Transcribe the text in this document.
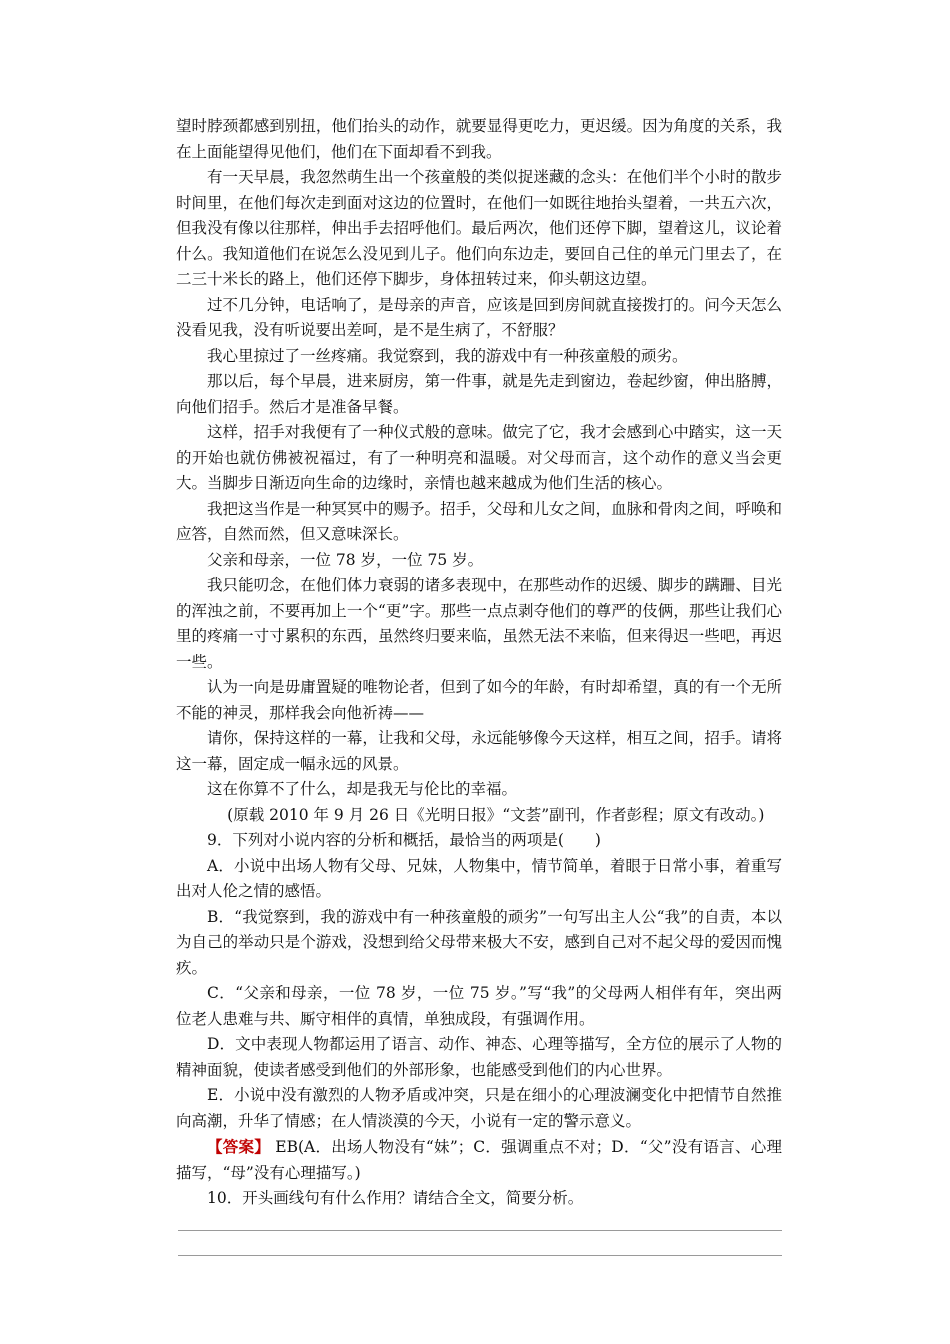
望时脖颈都感到别扭，他们抬头的动作，就要显得更吃力，更迟缓。因为角度的关系，我在上面能望得见他们，他们在下面却看不到我。

有一天早晨，我忽然萌生出一个孩童般的类似捉迷藏的念头：在他们半个小时的散步时间里，在他们每次走到面对这边的位置时，在他们一如既往地抬头望着，一共五六次，但我没有像以往那样，伸出手去招呼他们。最后两次，他们还停下脚，望着这儿，议论着什么。我知道他们在说怎么没见到儿子。他们向东边走，要回自己住的单元门里去了，在二三十米长的路上，他们还停下脚步，身体扭转过来，仰头朝这边望。

过不几分钟，电话响了，是母亲的声音，应该是回到房间就直接拨打的。问今天怎么没看见我，没有听说要出差呵，是不是生病了，不舒服？

我心里掠过了一丝疼痛。我觉察到，我的游戏中有一种孩童般的顽劣。

那以后，每个早晨，进来厨房，第一件事，就是先走到窗边，卷起纱窗，伸出胳膊，向他们招手。然后才是准备早餐。

这样，招手对我便有了一种仪式般的意味。做完了它，我才会感到心中踏实，这一天的开始也就仿佛被祝福过，有了一种明亮和温暖。对父母而言，这个动作的意义当会更大。当脚步日渐迈向生命的边缘时，亲情也越来越成为他们生活的核心。

我把这当作是一种冥冥中的赐予。招手，父母和儿女之间，血脉和骨肉之间，呼唤和应答，自然而然，但又意味深长。

父亲和母亲，一位 78 岁，一位 75 岁。

我只能叨念，在他们体力衰弱的诸多表现中，在那些动作的迟缓、脚步的蹒跚、目光的浑浊之前，不要再加上一个“更”字。那些一点点剥夺他们的尊严的伎俩，那些让我们心里的疼痛一寸寸累积的东西，虽然终归要来临，虽然无法不来临，但来得迟一些吧，再迟一些。

认为一向是毋庸置疑的唯物论者，但到了如今的年龄，有时却希望，真的有一个无所不能的神灵，那样我会向他祈祷——

请你，保持这样的一幕，让我和父母，永远能够像今天这样，相互之间，招手。请将这一幕，固定成一幅永远的风景。

这在你算不了什么，却是我无与伦比的幸福。

(原载 2010 年 9 月 26 日《光明日报》“文荟”副刊，作者彭程；原文有改动。)

9．下列对小说内容的分析和概括，最恰当的两项是(　　)

A．小说中出场人物有父母、兄妹，人物集中，情节简单，着眼于日常小事，着重写出对人伦之情的感悟。

B．“我觉察到，我的游戏中有一种孩童般的顽劣”一句写出主人公“我”的自责，本以为自己的举动只是个游戏，没想到给父母带来极大不安，感到自己对不起父母的爱因而愧疚。

C．“父亲和母亲，一位 78 岁，一位 75 岁。”写“我”的父母两人相伴有年，突出两位老人患难与共、厮守相伴的真情，单独成段，有强调作用。

D．文中表现人物都运用了语言、动作、神态、心理等描写，全方位的展示了人物的精神面貌，使读者感受到他们的外部形象，也能感受到他们的内心世界。

E．小说中没有激烈的人物矛盾或冲突，只是在细小的心理波澜变化中把情节自然推向高潮，升华了情感；在人情淡漠的今天，小说有一定的警示意义。

【答案】 EB(A．出场人物没有“妹”；C．强调重点不对；D．“父”没有语言、心理描写，“母”没有心理描写。)

10．开头画线句有什么作用？请结合全文，简要分析。
